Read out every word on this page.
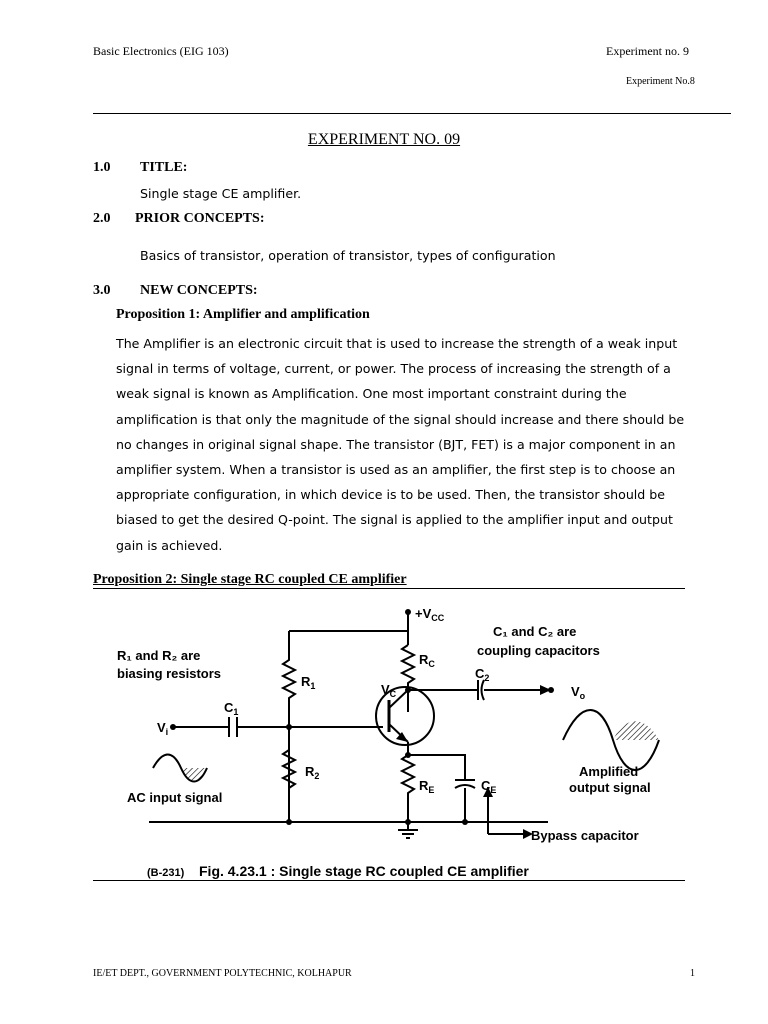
Basic Electronics (EIG 103)	Experiment no. 9
Experiment No.8
EXPERIMENT NO. 09
1.0 TITLE:
Single stage CE amplifier.
2.0 PRIOR CONCEPTS:
Basics of transistor, operation of transistor, types of configuration
3.0 NEW CONCEPTS:
Proposition 1: Amplifier and amplification

The Amplifier is an electronic circuit that is used to increase the strength of a weak input

signal in terms of voltage, current, or power. The process of increasing the strength of a

weak signal is known as Amplification. One most important constraint during the

amplification is that only the magnitude of the signal should increase and there should be

no changes in original signal shape. The transistor (BJT, FET) is a major component in an

amplifier system. When a transistor is used as an amplifier, the first step is to choose an

appropriate configuration, in which device is to be used. Then, the transistor should be

biased to get the desired Q-point. The signal is applied to the amplifier input and output

gain is achieved.

Proposition 2: Single stage RC coupled CE amplifier
$+V_{CC}$
R₁ and R₂ are
biasing resistors
C₁ and C₂ are
coupling capacitors
$R_1$
$R_2$
$R_C$
$R_E$
$V_C$
$C_1$
$C_2$
$C_E$
$V_i$
$V_o$
AC input signal
Amplified
output signal
Bypass capacitor
(B-231) Fig. 4.23.1 : Single stage RC coupled CE amplifier
IE/ET DEPT., GOVERNMENT POLYTECHNIC, KOLHAPUR	1
